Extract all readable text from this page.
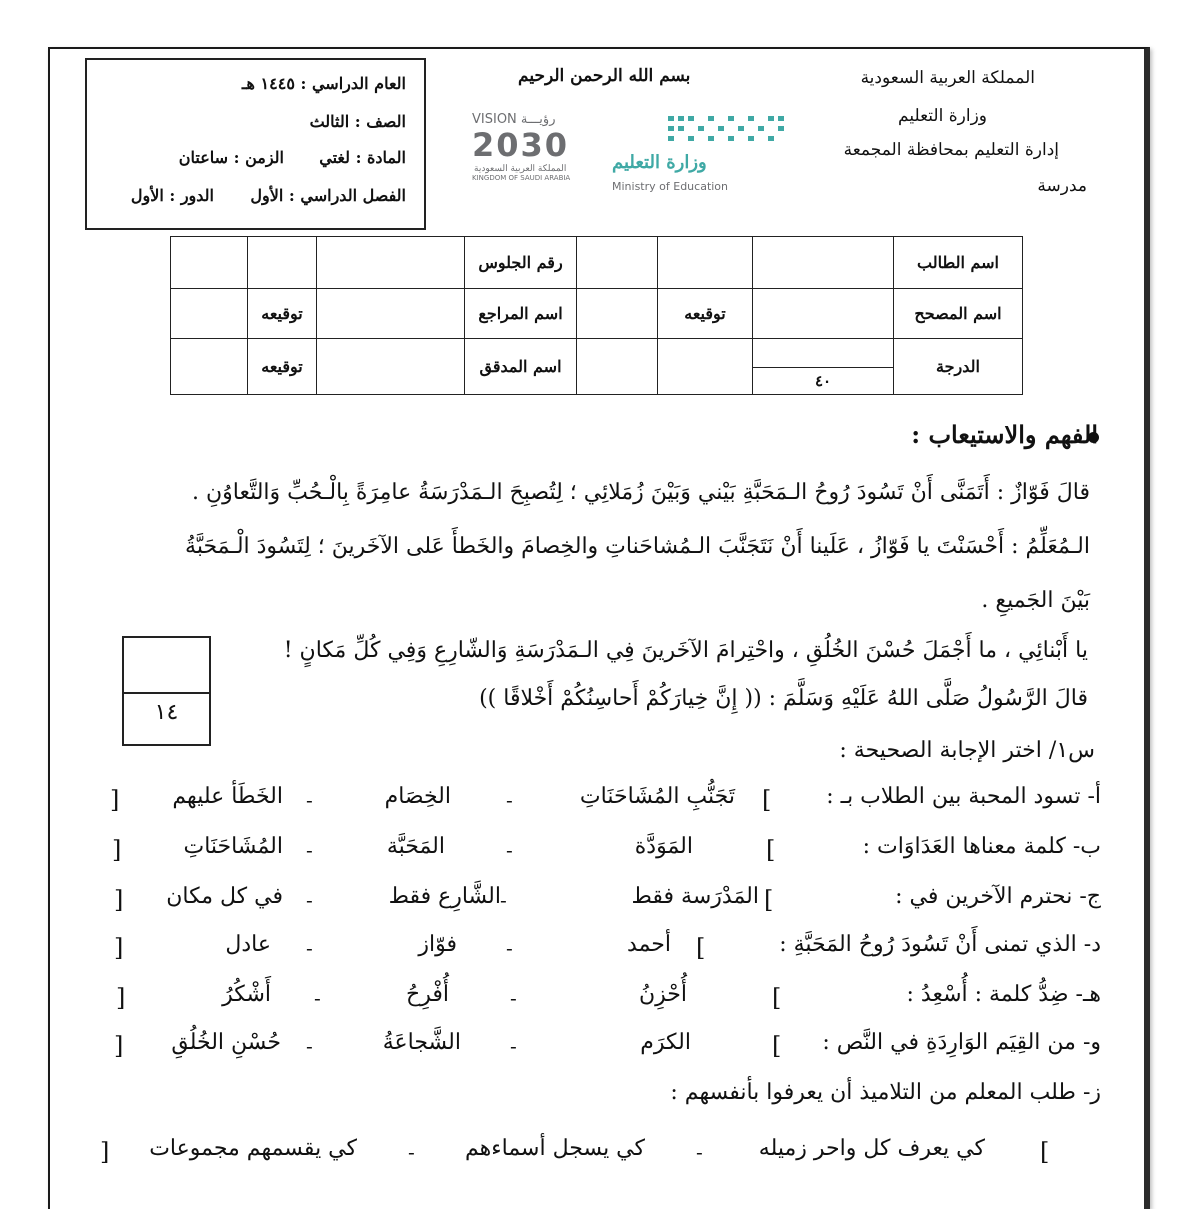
المملكة العربية السعودية
وزارة التعليم
إدارة التعليم بمحافظة المجمعة
مدرسة
بسم الله الرحمن الرحيم
وزارة التعليم
Ministry of Education
VISION رؤيـــة
2030
المملكة العربية السعودية
KINGDOM OF SAUDI ARABIA
العام الدراسي : ١٤٤٥ هـ
الصف : الثالث
المادة : لغتي
الزمن : ساعتان
الفصل الدراسي : الأول
الدور : الأول
			رقم الجلوس				اسم الطالب
	توقيعه		اسم المراجع		توقيعه		اسم المصحح
	توقيعه		اسم المدقق			٤٠	الدرجة
الفهم والاستيعاب :
قالَ فَوّازٌ : أَتَمَنَّى أَنْ تَسُودَ رُوحُ الـمَحَبَّةِ بَيْني وَبَيْنَ زُمَلائِي ؛ لِتُصبِحَ الـمَدْرَسَةُ عامِرَةً بِالْـحُبِّ وَالتَّعاوُنِ .
الـمُعَلِّمُ : أَحْسَنْتَ يا فَوّازُ ، عَلَينا أَنْ نَتَجَنَّبَ الـمُشاحَناتِ والخِصامَ والخَطأَ عَلى الآخَرينَ ؛ لِتَسُودَ الْـمَحَبَّةُ
بَيْنَ الجَميعِ .
يا أَبْنائِي ، ما أَجْمَلَ حُسْنَ الخُلُقِ ، واحْتِرامَ الآخَرينَ فِي الـمَدْرَسَةِ وَالشّارِعِ وَفِي كُلِّ مَكانٍ !
قالَ الرَّسُولُ صَلَّى اللهُ عَلَيْهِ وَسَلَّمَ : (( إِنَّ خِيارَكُمْ أَحاسِنُكُمْ أَخْلاقًا ))
١٤
س١/ اختر الإجابة الصحيحة :
أ- تسود المحبة بين الطلاب بـ :
[
تَجَنُّبِ المُشَاحَنَاتِ
-
الخِصَام
-
الخَطَأ عليهم
]
ب- كلمة معناها العَدَاوَات :
[
المَوَدَّة
-
المَحَبَّة
-
المُشَاحَنَاتِ
]
ج- نحترم الآخرين في :
[
المَدْرَسة فقط
-
الشَّارِع فقط
-
في كل مكان
]
د- الذي تمنى أَنْ تَسُودَ رُوحُ المَحَبَّةِ :
[
أحمد
-
فوّاز
-
عادل
]
هـ- ضِدُّ كلمة : أُسْعِدُ :
[
أُحْزِنُ
-
أُفْرِحُ
-
أَشْكُرُ
]
و- من القِيَم الوَارِدَةِ في النَّص :
[
الكرَم
-
الشَّجاعَةُ
-
حُسْنِ الخُلُقِ
]
ز- طلب المعلم من التلاميذ أن يعرفوا بأنفسهم :
[
كي يعرف كل واحر زميله
-
كي يسجل أسماءهم
-
كي يقسمهم مجموعات
]
